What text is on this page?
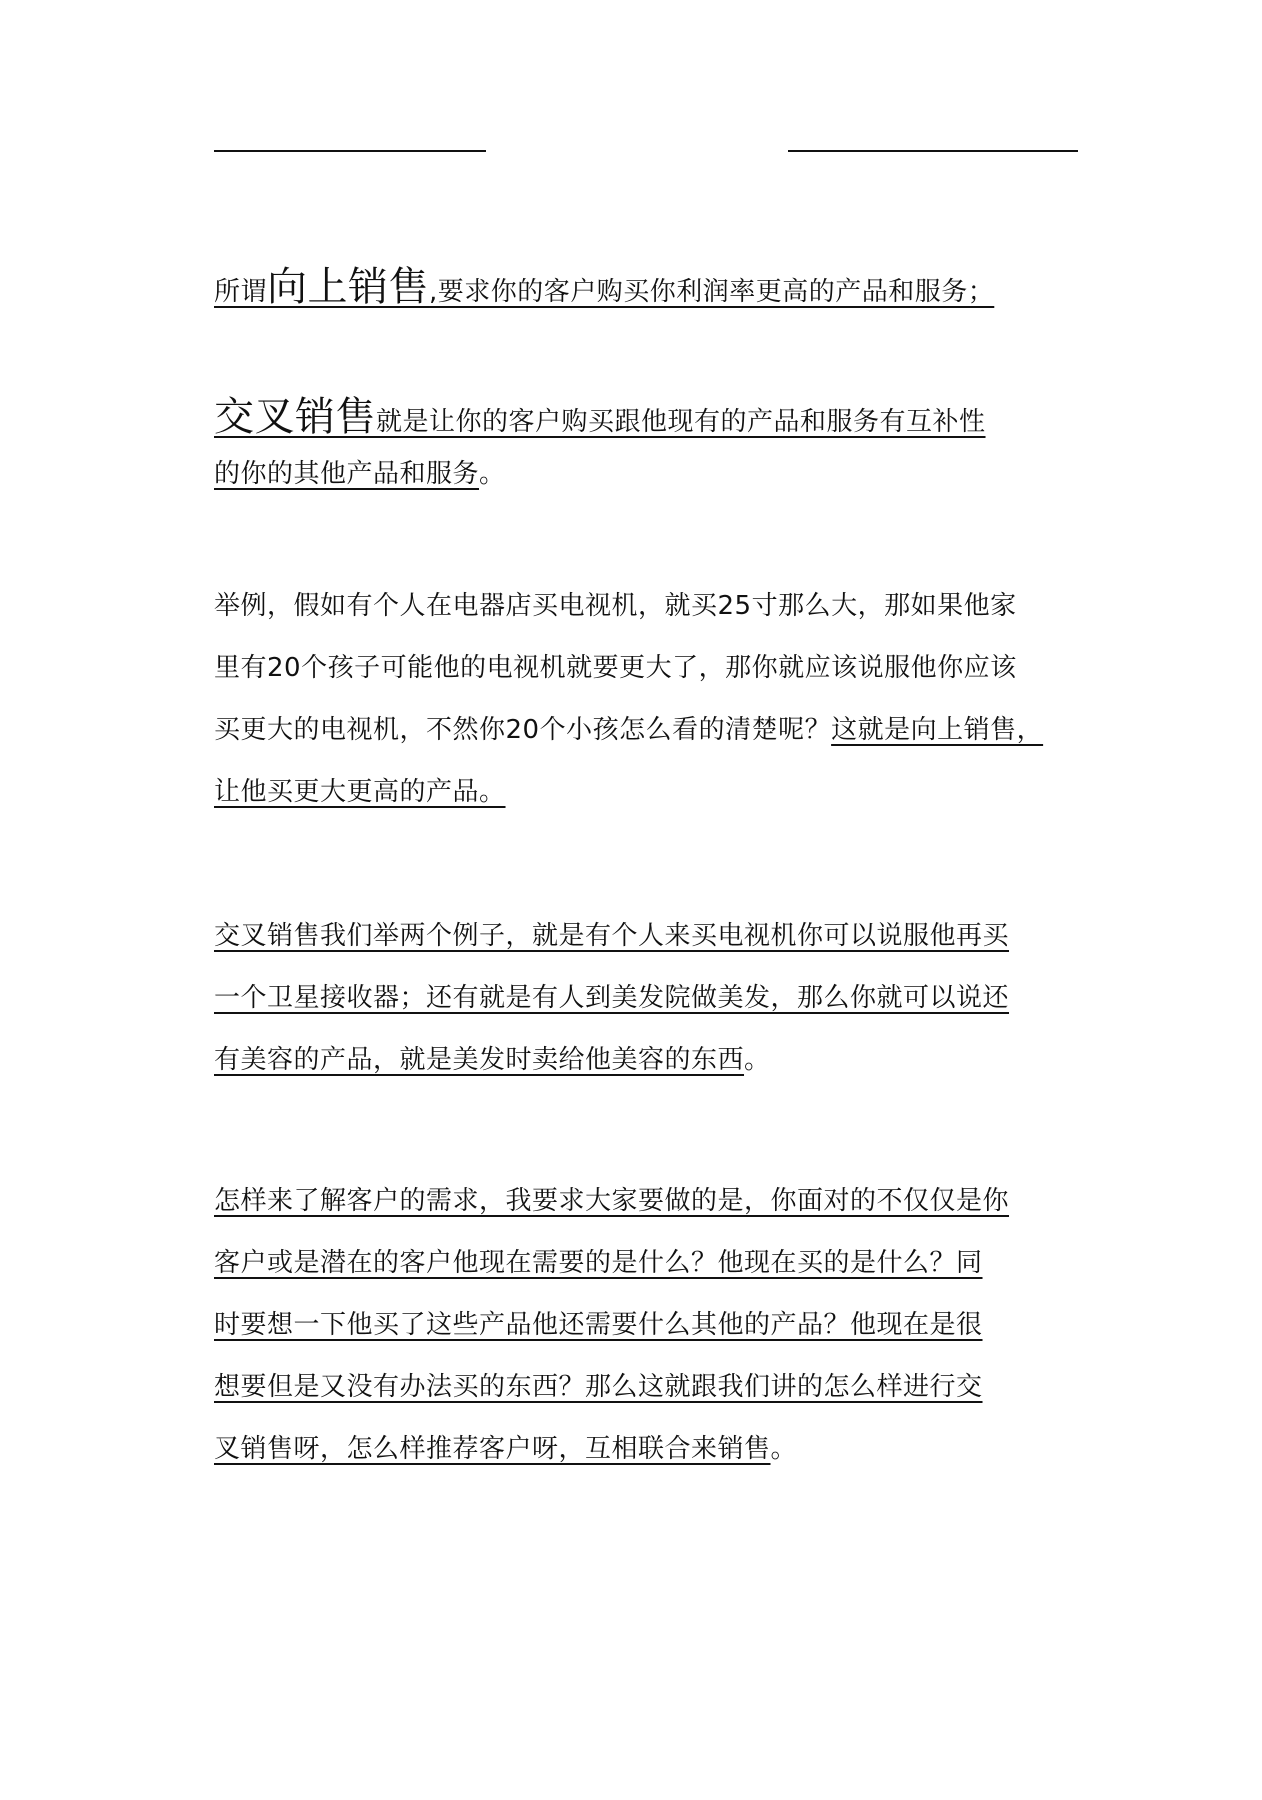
所谓向上销售,要求你的客户购买你利润率更高的产品和服务；
交叉销售就是让你的客户购买跟他现有的产品和服务有互补性
的你的其他产品和服务。
举例，假如有个人在电器店买电视机，就买25寸那么大，那如果他家
里有20个孩子可能他的电视机就要更大了，那你就应该说服他你应该
买更大的电视机，不然你20个小孩怎么看的清楚呢？这就是向上销售，
让他买更大更高的产品。
交叉销售我们举两个例子，就是有个人来买电视机你可以说服他再买
一个卫星接收器；还有就是有人到美发院做美发，那么你就可以说还
有美容的产品，就是美发时卖给他美容的东西。
怎样来了解客户的需求，我要求大家要做的是，你面对的不仅仅是你
客户或是潜在的客户他现在需要的是什么？他现在买的是什么？同
时要想一下他买了这些产品他还需要什么其他的产品？他现在是很
想要但是又没有办法买的东西？那么这就跟我们讲的怎么样进行交
叉销售呀，怎么样推荐客户呀，互相联合来销售。
